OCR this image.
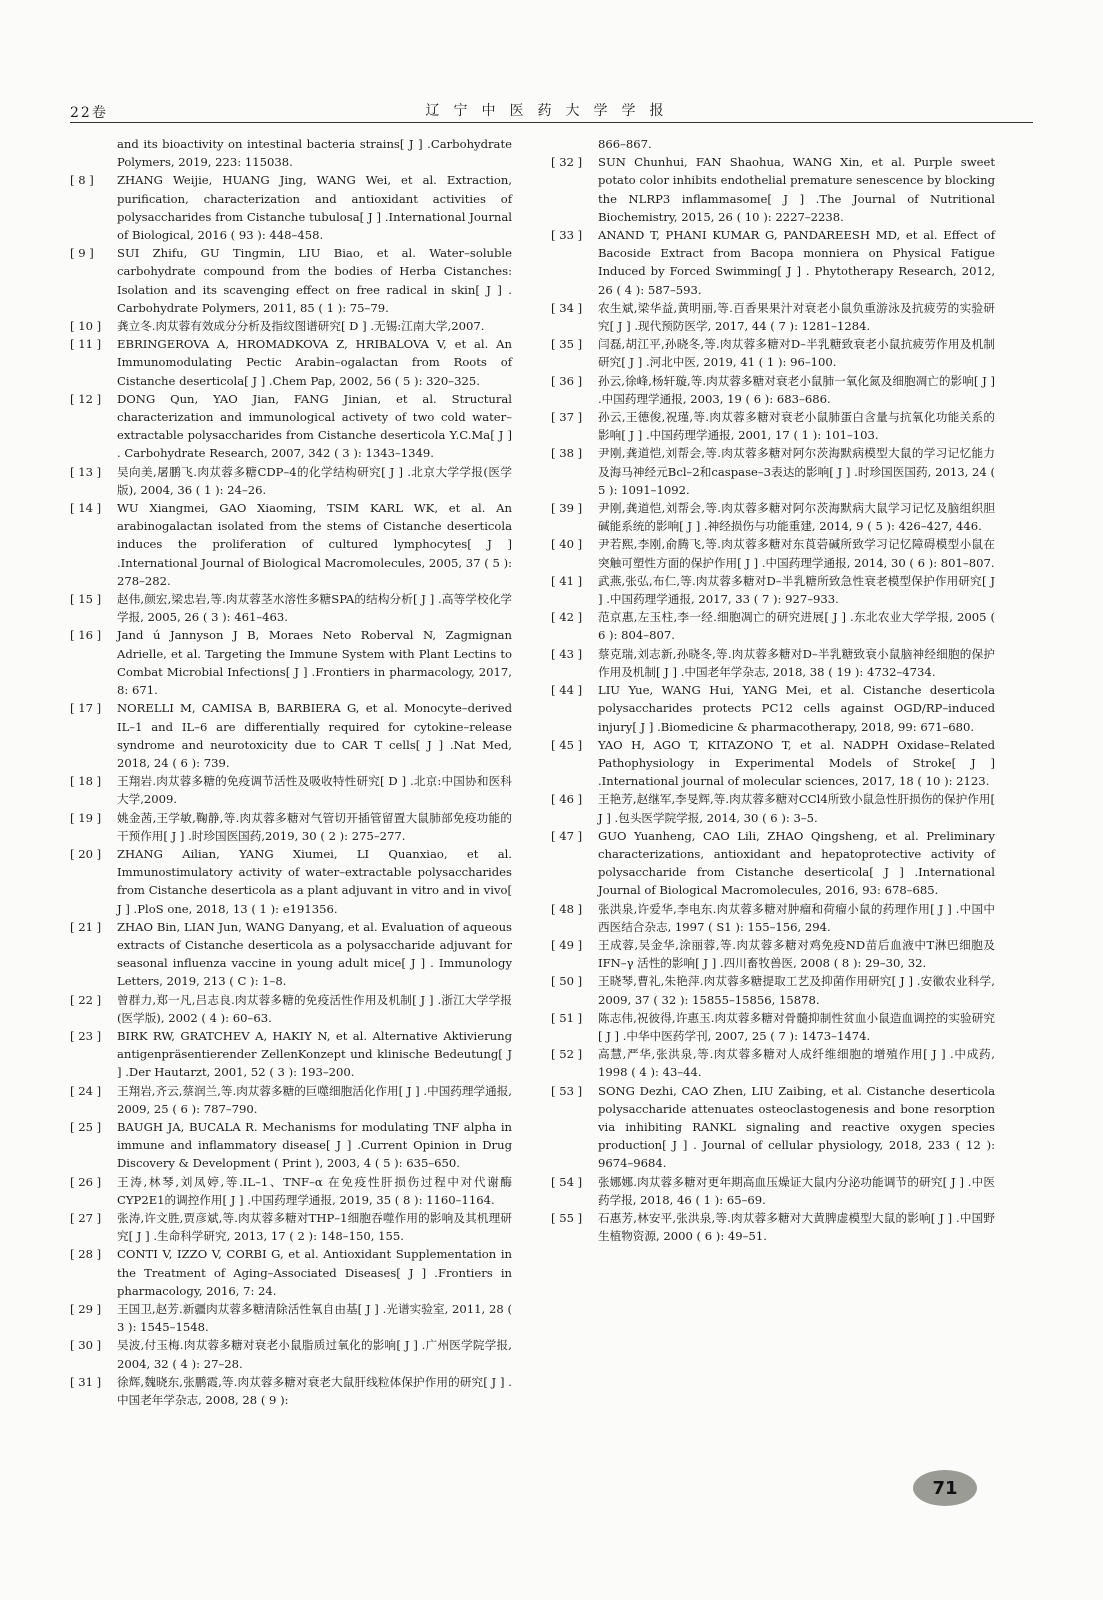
22卷	辽宁中医药大学学报
and its bioactivity on intestinal bacteria strains[ J ] .Carbohydrate Polymers, 2019, 223: 115038.
[ 8 ]	ZHANG Weijie, HUANG Jing, WANG Wei, et al. Extraction, purification, characterization and antioxidant activities of polysaccharides from Cistanche tubulosa[ J ] .International Journal of Biological, 2016 ( 93 ): 448–458.
[ 9 ]	SUI Zhifu, GU Tingmin, LIU Biao, et al. Water–soluble carbohydrate compound from the bodies of Herba Cistanches: Isolation and its scavenging effect on free radical in skin[ J ] . Carbohydrate Polymers, 2011, 85 ( 1 ): 75–79.
[ 10 ]	龚立冬.肉苁蓉有效成分分析及指纹图谱研究[ D ] .无锡:江南大学,2007.
[ 11 ]	EBRINGEROVA A, HROMADKOVA Z, HRIBALOVA V, et al. An Immunomodulating Pectic Arabin–ogalactan from Roots of Cistanche deserticola[ J ] .Chem Pap, 2002, 56 ( 5 ): 320–325.
[ 12 ]	DONG Qun, YAO Jian, FANG Jinian, et al. Structural characterization and immunological activety of two cold water–extractable polysaccharides from Cistanche deserticola Y.C.Ma[ J ] . Carbohydrate Research, 2007, 342 ( 3 ): 1343–1349.
[ 13 ]	吴向美,屠鹏飞.肉苁蓉多糖CDP–4的化学结构研究[ J ] .北京大学学报(医学版), 2004, 36 ( 1 ): 24–26.
[ 14 ]	WU Xiangmei, GAO Xiaoming, TSIM KARL WK, et al. An arabinogalactan isolated from the stems of Cistanche deserticola induces the proliferation of cultured lymphocytes[ J ] .International Journal of Biological Macromolecules, 2005, 37 ( 5 ): 278–282.
[ 15 ]	赵伟,颜宏,梁忠岩,等.肉苁蓉茎水溶性多糖SPA的结构分析[ J ] .高等学校化学学报, 2005, 26 ( 3 ): 461–463.
[ 16 ]	Jand ú Jannyson J B, Moraes Neto Roberval N, Zagmignan Adrielle, et al. Targeting the Immune System with Plant Lectins to Combat Microbial Infections[ J ] .Frontiers in pharmacology, 2017, 8: 671.
[ 17 ]	NORELLI M, CAMISA B, BARBIERA G, et al. Monocyte–derived IL–1 and IL–6 are differentially required for cytokine–release syndrome and neurotoxicity due to CAR T cells[ J ] .Nat Med, 2018, 24 ( 6 ): 739.
[ 18 ]	王翔岩.肉苁蓉多糖的免疫调节活性及吸收特性研究[ D ] .北京:中国协和医科大学,2009.
[ 19 ]	姚金茜,王学敏,鞠静,等.肉苁蓉多糖对气管切开插管留置大鼠肺部免疫功能的干预作用[ J ] .时珍国医国药,2019, 30 ( 2 ): 275–277.
[ 20 ]	ZHANG Ailian, YANG Xiumei, LI Quanxiao, et al. Immunostimulatory activity of water–extractable polysaccharides from Cistanche deserticola as a plant adjuvant in vitro and in vivo[ J ] .PloS one, 2018, 13 ( 1 ): e191356.
[ 21 ]	ZHAO Bin, LIAN Jun, WANG Danyang, et al. Evaluation of aqueous extracts of Cistanche deserticola as a polysaccharide adjuvant for seasonal influenza vaccine in young adult mice[ J ] . Immunology Letters, 2019, 213 ( C ): 1–8.
[ 22 ]	曾群力,郑一凡,吕志良.肉苁蓉多糖的免疫活性作用及机制[ J ] .浙江大学学报(医学版), 2002 ( 4 ): 60–63.
[ 23 ]	BIRK RW, GRATCHEV A, HAKIY N, et al. Alternative Aktivierung antigenpräsentierender ZellenKonzept und klinische Bedeutung[ J ] .Der Hautarzt, 2001, 52 ( 3 ): 193–200.
[ 24 ]	王翔岩,齐云,蔡润兰,等.肉苁蓉多糖的巨噬细胞活化作用[ J ] .中国药理学通报, 2009, 25 ( 6 ): 787–790.
[ 25 ]	BAUGH JA, BUCALA R. Mechanisms for modulating TNF alpha in immune and inflammatory disease[ J ] .Current Opinion in Drug Discovery & Development ( Print ), 2003, 4 ( 5 ): 635–650.
[ 26 ]	王涛,林琴,刘凤婷,等.IL–1、TNF–α 在免疫性肝损伤过程中对代谢酶CYP2E1的调控作用[ J ] .中国药理学通报, 2019, 35 ( 8 ): 1160–1164.
[ 27 ]	张涛,许文胜,贾彦斌,等.肉苁蓉多糖对THP–1细胞吞噬作用的影响及其机理研究[ J ] .生命科学研究, 2013, 17 ( 2 ): 148–150, 155.
[ 28 ]	CONTI V, IZZO V, CORBI G, et al. Antioxidant Supplementation in the Treatment of Aging–Associated Diseases[ J ] .Frontiers in pharmacology, 2016, 7: 24.
[ 29 ]	王国卫,赵芳.新疆肉苁蓉多糖清除活性氧自由基[ J ] .光谱实验室, 2011, 28 ( 3 ): 1545–1548.
[ 30 ]	吴波,付玉梅.肉苁蓉多糖对衰老小鼠脂质过氧化的影响[ J ] .广州医学院学报, 2004, 32 ( 4 ): 27–28.
[ 31 ]	徐辉,魏晓东,张鹏霞,等.肉苁蓉多糖对衰老大鼠肝线粒体保护作用的研究[ J ] .中国老年学杂志, 2008, 28 ( 9 ):
866–867.
[ 32 ]	SUN Chunhui, FAN Shaohua, WANG Xin, et al. Purple sweet potato color inhibits endothelial premature senescence by blocking the NLRP3 inflammasome[ J ] .The Journal of Nutritional Biochemistry, 2015, 26 ( 10 ): 2227–2238.
[ 33 ]	ANAND T, PHANI KUMAR G, PANDAREESH MD, et al. Effect of Bacoside Extract from Bacopa monniera on Physical Fatigue Induced by Forced Swimming[ J ] . Phytotherapy Research, 2012, 26 ( 4 ): 587–593.
[ 34 ]	农生斌,梁华益,黄明丽,等.百香果果汁对衰老小鼠负重游泳及抗疲劳的实验研究[ J ] .现代预防医学, 2017, 44 ( 7 ): 1281–1284.
[ 35 ]	闫磊,胡江平,孙晓冬,等.肉苁蓉多糖对D–半乳糖致衰老小鼠抗疲劳作用及机制研究[ J ] .河北中医, 2019, 41 ( 1 ): 96–100.
[ 36 ]	孙云,徐峰,杨轩璇,等.肉苁蓉多糖对衰老小鼠肺一氧化氮及细胞凋亡的影响[ J ] .中国药理学通报, 2003, 19 ( 6 ): 683–686.
[ 37 ]	孙云,王德俊,祝瑾,等.肉苁蓉多糖对衰老小鼠肺蛋白含量与抗氧化功能关系的影响[ J ] .中国药理学通报, 2001, 17 ( 1 ): 101–103.
[ 38 ]	尹刚,龚道恺,刘帮会,等.肉苁蓉多糖对阿尔茨海默病模型大鼠的学习记忆能力及海马神经元Bcl–2和caspase–3表达的影响[ J ] .时珍国医国药, 2013, 24 ( 5 ): 1091–1092.
[ 39 ]	尹刚,龚道恺,刘帮会,等.肉苁蓉多糖对阿尔茨海默病大鼠学习记忆及脑组织胆碱能系统的影响[ J ] .神经损伤与功能重建, 2014, 9 ( 5 ): 426–427, 446.
[ 40 ]	尹若熙,李刚,俞腾飞,等.肉苁蓉多糖对东莨菪碱所致学习记忆障碍模型小鼠在突触可塑性方面的保护作用[ J ] .中国药理学通报, 2014, 30 ( 6 ): 801–807.
[ 41 ]	武燕,张弘,布仁,等.肉苁蓉多糖对D–半乳糖所致急性衰老模型保护作用研究[ J ] .中国药理学通报, 2017, 33 ( 7 ): 927–933.
[ 42 ]	范京惠,左玉柱,李一经.细胞凋亡的研究进展[ J ] .东北农业大学学报, 2005 ( 6 ): 804–807.
[ 43 ]	蔡克瑞,刘志新,孙晓冬,等.肉苁蓉多糖对D–半乳糖致衰小鼠脑神经细胞的保护作用及机制[ J ] .中国老年学杂志, 2018, 38 ( 19 ): 4732–4734.
[ 44 ]	LIU Yue, WANG Hui, YANG Mei, et al. Cistanche deserticola polysaccharides protects PC12 cells against OGD/RP–induced injury[ J ] .Biomedicine & pharmacotherapy, 2018, 99: 671–680.
[ 45 ]	YAO H, AGO T, KITAZONO T, et al. NADPH Oxidase–Related Pathophysiology in Experimental Models of Stroke[ J ] .International journal of molecular sciences, 2017, 18 ( 10 ): 2123.
[ 46 ]	王艳芳,赵继军,李旻辉,等.肉苁蓉多糖对CCl4所致小鼠急性肝损伤的保护作用[ J ] .包头医学院学报, 2014, 30 ( 6 ): 3–5.
[ 47 ]	GUO Yuanheng, CAO Lili, ZHAO Qingsheng, et al. Preliminary characterizations, antioxidant and hepatoprotective activity of polysaccharide from Cistanche deserticola[ J ] .International Journal of Biological Macromolecules, 2016, 93: 678–685.
[ 48 ]	张洪泉,许爱华,李电东.肉苁蓉多糖对肿瘤和荷瘤小鼠的药理作用[ J ] .中国中西医结合杂志, 1997 ( S1 ): 155–156, 294.
[ 49 ]	王成蓉,吴金华,涂丽蓉,等.肉苁蓉多糖对鸡免疫ND苗后血液中T淋巴细胞及IFN–γ 活性的影响[ J ] .四川畜牧兽医, 2008 ( 8 ): 29–30, 32.
[ 50 ]	王晓琴,曹礼,朱艳萍.肉苁蓉多糖提取工艺及抑菌作用研究[ J ] .安徽农业科学, 2009, 37 ( 32 ): 15855–15856, 15878.
[ 51 ]	陈志伟,祝彼得,许惠玉.肉苁蓉多糖对骨髓抑制性贫血小鼠造血调控的实验研究[ J ] .中华中医药学刊, 2007, 25 ( 7 ): 1473–1474.
[ 52 ]	高慧,严华,张洪泉,等.肉苁蓉多糖对人成纤维细胞的增殖作用[ J ] .中成药, 1998 ( 4 ): 43–44.
[ 53 ]	SONG Dezhi, CAO Zhen, LIU Zaibing, et al. Cistanche deserticola polysaccharide attenuates osteoclastogenesis and bone resorption via inhibiting RANKL signaling and reactive oxygen species production[ J ] . Journal of cellular physiology, 2018, 233 ( 12 ): 9674–9684.
[ 54 ]	张娜娜.肉苁蓉多糖对更年期高血压燥证大鼠内分泌功能调节的研究[ J ] .中医药学报, 2018, 46 ( 1 ): 65–69.
[ 55 ]	石惠芳,林安平,张洪泉,等.肉苁蓉多糖对大黄脾虚模型大鼠的影响[ J ] .中国野生植物资源, 2000 ( 6 ): 49–51.
71
